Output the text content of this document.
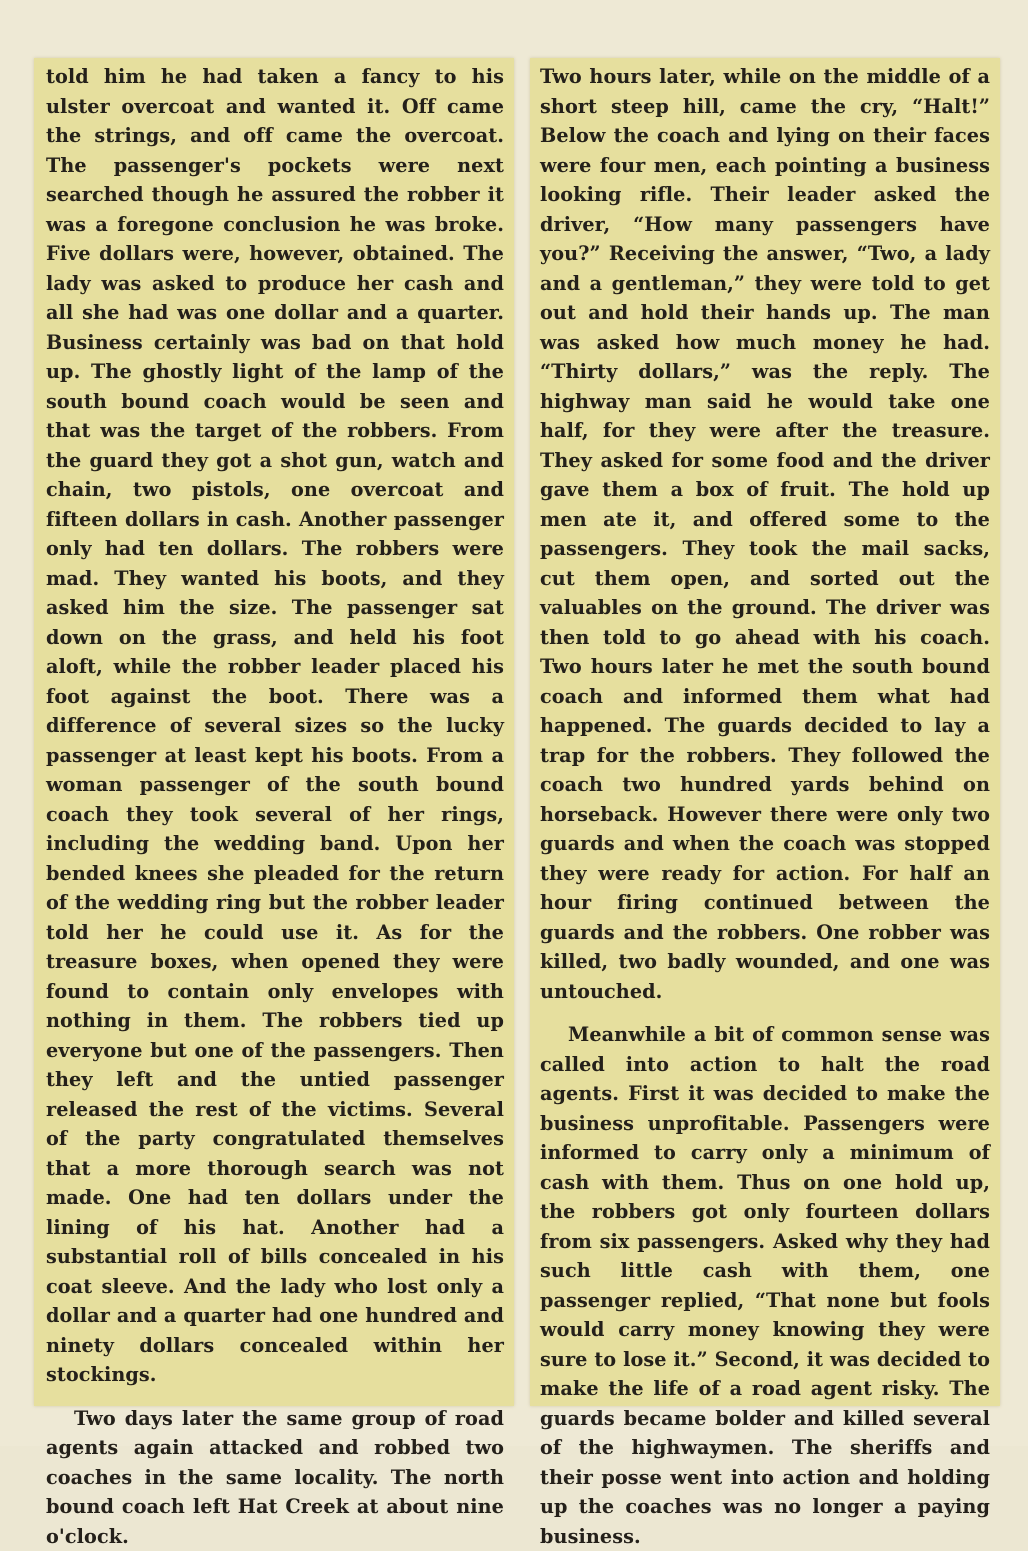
told him he had taken a fancy to his ulster overcoat and wanted it. Off came the strings, and off came the overcoat. The passenger's pockets were next searched though he assured the robber it was a foregone conclusion he was broke. Five dollars were, however, obtained. The lady was asked to produce her cash and all she had was one dollar and a quarter. Business certainly was bad on that hold up. The ghostly light of the lamp of the south bound coach would be seen and that was the target of the robbers. From the guard they got a shot gun, watch and chain, two pistols, one overcoat and fifteen dollars in cash. Another passenger only had ten dollars. The robbers were mad. They wanted his boots, and they asked him the size. The passenger sat down on the grass, and held his foot aloft, while the robber leader placed his foot against the boot. There was a difference of several sizes so the lucky passenger at least kept his boots. From a woman passenger of the south bound coach they took several of her rings, including the wedding band. Upon her bended knees she pleaded for the return of the wedding ring but the robber leader told her he could use it. As for the treasure boxes, when opened they were found to contain only envelopes with nothing in them. The robbers tied up everyone but one of the passengers. Then they left and the untied passenger released the rest of the victims. Several of the party congratulated themselves that a more thorough search was not made. One had ten dollars under the lining of his hat. Another had a substantial roll of bills concealed in his coat sleeve. And the lady who lost only a dollar and a quarter had one hundred and ninety dollars concealed within her stockings.

Two days later the same group of road agents again attacked and robbed two coaches in the same locality. The north bound coach left Hat Creek at about nine o'clock.

Two hours later, while on the middle of a short steep hill, came the cry, “Halt!” Below the coach and lying on their faces were four men, each pointing a business looking rifle. Their leader asked the driver, “How many passengers have you?” Receiving the answer, “Two, a lady and a gentleman,” they were told to get out and hold their hands up. The man was asked how much money he had. “Thirty dollars,” was the reply. The highway man said he would take one half, for they were after the treasure. They asked for some food and the driver gave them a box of fruit. The hold up men ate it, and offered some to the passengers. They took the mail sacks, cut them open, and sorted out the valuables on the ground. The driver was then told to go ahead with his coach. Two hours later he met the south bound coach and informed them what had happened. The guards decided to lay a trap for the robbers. They followed the coach two hundred yards behind on horseback. However there were only two guards and when the coach was stopped they were ready for action. For half an hour firing continued between the guards and the robbers. One robber was killed, two badly wounded, and one was untouched.

Meanwhile a bit of common sense was called into action to halt the road agents. First it was decided to make the business unprofitable. Passengers were informed to carry only a minimum of cash with them. Thus on one hold up, the robbers got only fourteen dollars from six passengers. Asked why they had such little cash with them, one passenger replied, “That none but fools would carry money knowing they were sure to lose it.” Second, it was decided to make the life of a road agent risky. The guards became bolder and killed several of the highwaymen. The sheriffs and their posse went into action and holding up the coaches was no longer a paying business.
